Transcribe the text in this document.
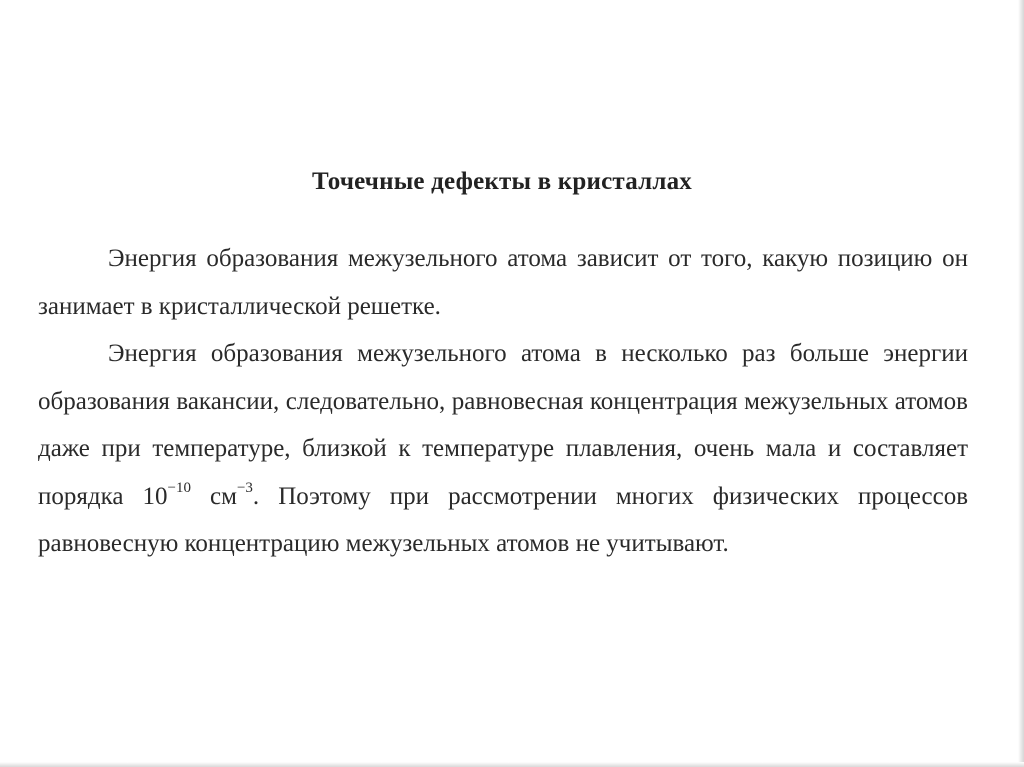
Точечные дефекты в кристаллах

Энергия образования межузельного атома зависит от того, какую позицию он занимает в кристаллической решетке.

Энергия образования межузельного атома в несколько раз больше энергии образования вакансии, следовательно, равновесная концентрация межузельных атомов даже при температуре, близкой к температуре плавления, очень мала и составляет порядка $10^{-10}$ $см^{-3}$. Поэтому при рассмотрении многих физических процессов равновесную концентрацию межузельных атомов не учитывают.
